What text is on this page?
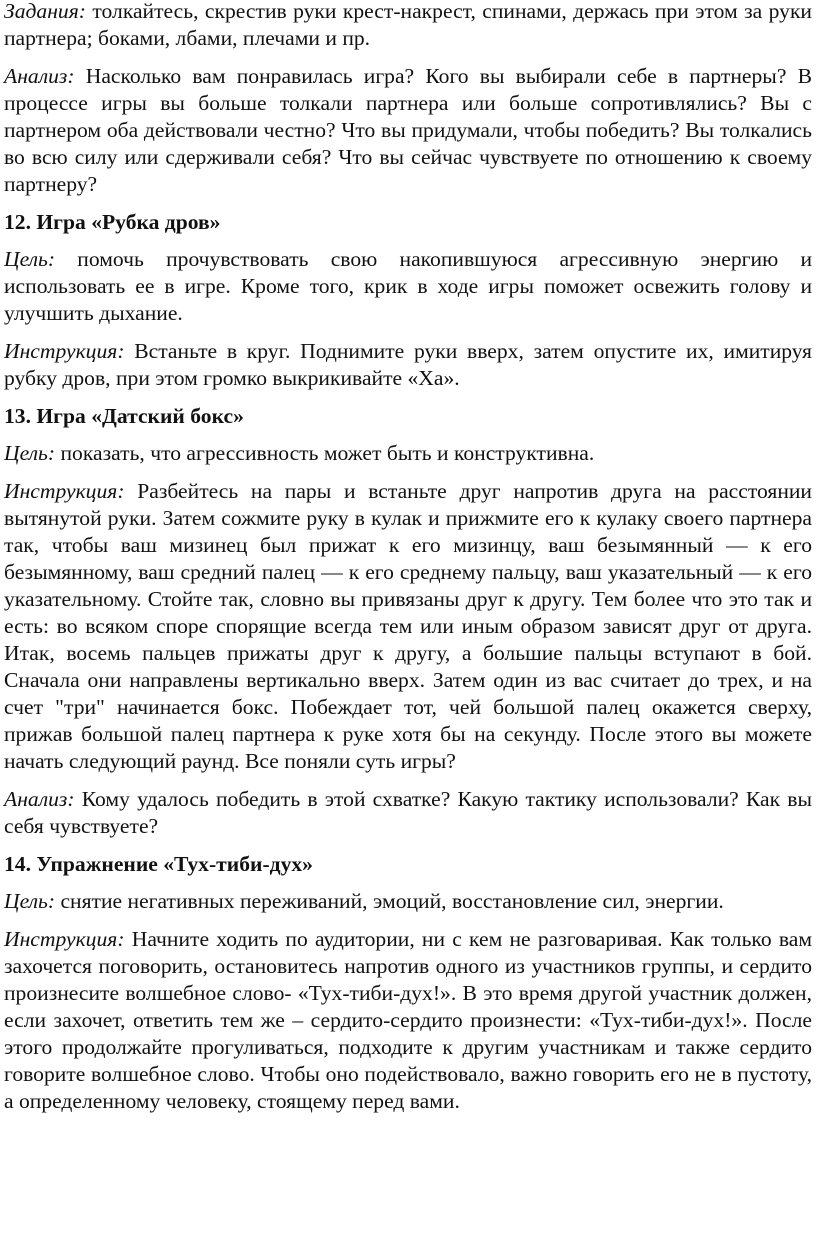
Задания: толкайтесь, скрестив руки крест-накрест, спинами, держась при этом за руки партнера; боками, лбами, плечами и пр.

Анализ: Насколько вам понравилась игра? Кого вы выбирали себе в партнеры? В процессе игры вы больше толкали партнера или больше сопротивлялись? Вы с партнером оба действовали честно? Что вы придумали, чтобы победить? Вы толкались во всю силу или сдерживали себя? Что вы сейчас чувствуете по отношению к своему партнеру?

12. Игра «Рубка дров»

Цель: помочь прочувствовать свою накопившуюся агрессивную энергию и использовать ее в игре. Кроме того, крик в ходе игры поможет освежить голову и улучшить дыхание.

Инструкция: Встаньте в круг. Поднимите руки вверх, затем опустите их, имитируя рубку дров, при этом громко выкрикивайте «Ха».

13. Игра «Датский бокс»

Цель: показать, что агрессивность может быть и конструктивна.

Инструкция: Разбейтесь на пары и встаньте друг напротив друга на расстоянии вытянутой руки. Затем сожмите руку в кулак и прижмите его к кулаку своего партнера так, чтобы ваш мизинец был прижат к его мизинцу, ваш безымянный — к его безымянному, ваш средний палец — к его среднему пальцу, ваш указательный — к его указательному. Стойте так, словно вы привязаны друг к другу. Тем более что это так и есть: во всяком споре спорящие всегда тем или иным образом зависят друг от друга. Итак, восемь пальцев прижаты друг к другу, а большие пальцы вступают в бой. Сначала они направлены вертикально вверх. Затем один из вас считает до трех, и на счет "три" начинается бокс. Побеждает тот, чей большой палец окажется сверху, прижав большой палец партнера к руке хотя бы на секунду. После этого вы можете начать следующий раунд. Все поняли суть игры?

Анализ: Кому удалось победить в этой схватке? Какую тактику использовали? Как вы себя чувствуете?

14. Упражнение «Тух-тиби-дух»

Цель: снятие негативных переживаний, эмоций, восстановление сил, энергии.

Инструкция: Начните ходить по аудитории, ни с кем не разговаривая. Как только вам захочется поговорить, остановитесь напротив одного из участников группы, и сердито произнесите волшебное слово- «Тух-тиби-дух!». В это время другой участник должен, если захочет, ответить тем же – сердито-сердито произнести: «Тух-тиби-дух!». После этого продолжайте прогуливаться, подходите к другим участникам и также сердито говорите волшебное слово. Чтобы оно подействовало, важно говорить его не в пустоту, а определенному человеку, стоящему перед вами.
